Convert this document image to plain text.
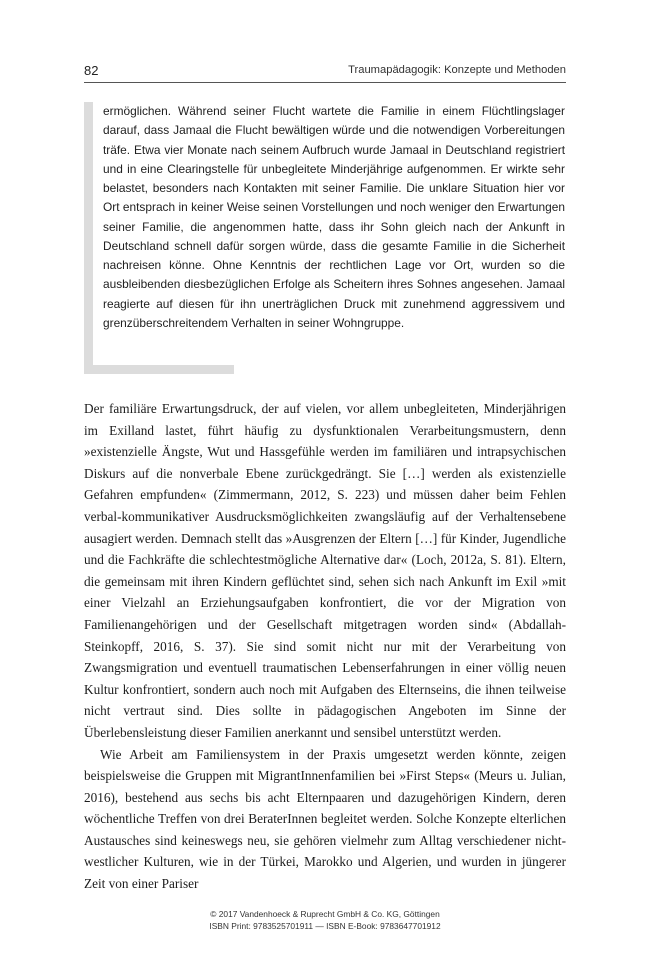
82	Traumapädagogik: Konzepte und Methoden

ermöglichen. Während seiner Flucht wartete die Familie in einem Flüchtlingslager darauf, dass Jamaal die Flucht bewältigen würde und die notwendigen Vorbereitungen träfe. Etwa vier Monate nach seinem Aufbruch wurde Jamaal in Deutschland registriert und in eine Clearingstelle für unbegleitete Minderjährige aufgenommen. Er wirkte sehr belastet, besonders nach Kontakten mit seiner Familie. Die unklare Situation hier vor Ort entsprach in keiner Weise seinen Vorstellungen und noch weniger den Erwartungen seiner Familie, die angenommen hatte, dass ihr Sohn gleich nach der Ankunft in Deutschland schnell dafür sorgen würde, dass die gesamte Familie in die Sicherheit nachreisen könne. Ohne Kenntnis der rechtlichen Lage vor Ort, wurden so die ausbleibenden diesbezüglichen Erfolge als Scheitern ihres Sohnes angesehen. Jamaal reagierte auf diesen für ihn unerträglichen Druck mit zunehmend aggressivem und grenzüberschreitendem Verhalten in seiner Wohngruppe.

Der familiäre Erwartungsdruck, der auf vielen, vor allem unbegleiteten, Minderjährigen im Exilland lastet, führt häufig zu dysfunktionalen Verarbeitungsmustern, denn »existenzielle Ängste, Wut und Hassgefühle werden im familiären und intrapsychischen Diskurs auf die nonverbale Ebene zurückgedrängt. Sie […] werden als existenzielle Gefahren empfunden« (Zimmermann, 2012, S. 223) und müssen daher beim Fehlen verbal-kommunikativer Ausdrucksmöglichkeiten zwangsläufig auf der Verhaltensebene ausagiert werden. Demnach stellt das »Ausgrenzen der Eltern […] für Kinder, Jugendliche und die Fachkräfte die schlechtestmögliche Alternative dar« (Loch, 2012a, S. 81). Eltern, die gemeinsam mit ihren Kindern geflüchtet sind, sehen sich nach Ankunft im Exil »mit einer Vielzahl an Erziehungsaufgaben konfrontiert, die vor der Migration von Familienangehörigen und der Gesellschaft mitgetragen worden sind« (Abdallah-Steinkopff, 2016, S. 37). Sie sind somit nicht nur mit der Verarbeitung von Zwangsmigration und eventuell traumatischen Lebenserfahrungen in einer völlig neuen Kultur konfrontiert, sondern auch noch mit Aufgaben des Elternseins, die ihnen teilweise nicht vertraut sind. Dies sollte in pädagogischen Angeboten im Sinne der Überlebensleistung dieser Familien anerkannt und sensibel unterstützt werden.

Wie Arbeit am Familiensystem in der Praxis umgesetzt werden könnte, zeigen beispielsweise die Gruppen mit MigrantInnenfamilien bei »First Steps« (Meurs u. Julian, 2016), bestehend aus sechs bis acht Elternpaaren und dazugehörigen Kindern, deren wöchentliche Treffen von drei BeraterInnen begleitet werden. Solche Konzepte elterlichen Austausches sind keineswegs neu, sie gehören vielmehr zum Alltag verschiedener nicht-westlicher Kulturen, wie in der Türkei, Marokko und Algerien, und wurden in jüngerer Zeit von einer Pariser

© 2017 Vandenhoeck & Ruprecht GmbH & Co. KG, Göttingen
ISBN Print: 9783525701911 — ISBN E-Book: 9783647701912
